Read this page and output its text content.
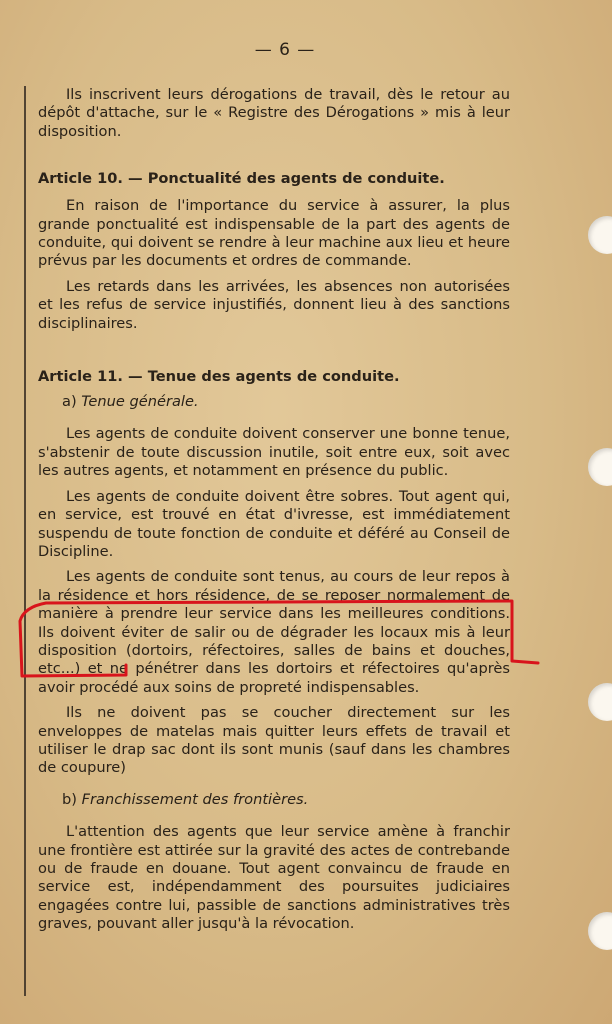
— 6 —

Ils inscrivent leurs dérogations de travail, dès le retour au dépôt d'attache, sur le « Registre des Dérogations » mis à leur disposition.

Article 10. — Ponctualité des agents de conduite.

En raison de l'importance du service à assurer, la plus grande ponctualité est indispensable de la part des agents de conduite, qui doivent se rendre à leur machine aux lieu et heure prévus par les documents et ordres de commande.

Les retards dans les arrivées, les absences non autorisées et les refus de service injustifiés, donnent lieu à des sanctions disciplinaires.

Article 11. — Tenue des agents de conduite.

a) Tenue générale.

Les agents de conduite doivent conserver une bonne tenue, s'abstenir de toute discussion inutile, soit entre eux, soit avec les autres agents, et notamment en présence du public.

Les agents de conduite doivent être sobres. Tout agent qui, en service, est trouvé en état d'ivresse, est immédiatement suspendu de toute fonction de conduite et déféré au Conseil de Discipline.

Les agents de conduite sont tenus, au cours de leur repos à la résidence et hors résidence, de se reposer normalement de manière à prendre leur service dans les meilleures conditions. Ils doivent éviter de salir ou de dégrader les locaux mis à leur disposition (dortoirs, réfectoires, salles de bains et douches, etc...) et ne pénétrer dans les dortoirs et réfectoires qu'après avoir procédé aux soins de propreté indispensables.

Ils ne doivent pas se coucher directement sur les enveloppes de matelas mais quitter leurs effets de travail et utiliser le drap sac dont ils sont munis (sauf dans les chambres de coupure)

b) Franchissement des frontières.

L'attention des agents que leur service amène à franchir une frontière est attirée sur la gravité des actes de contrebande ou de fraude en douane. Tout agent convaincu de fraude en service est, indépendamment des poursuites judiciaires engagées contre lui, passible de sanctions administratives très graves, pouvant aller jusqu'à la révocation.
